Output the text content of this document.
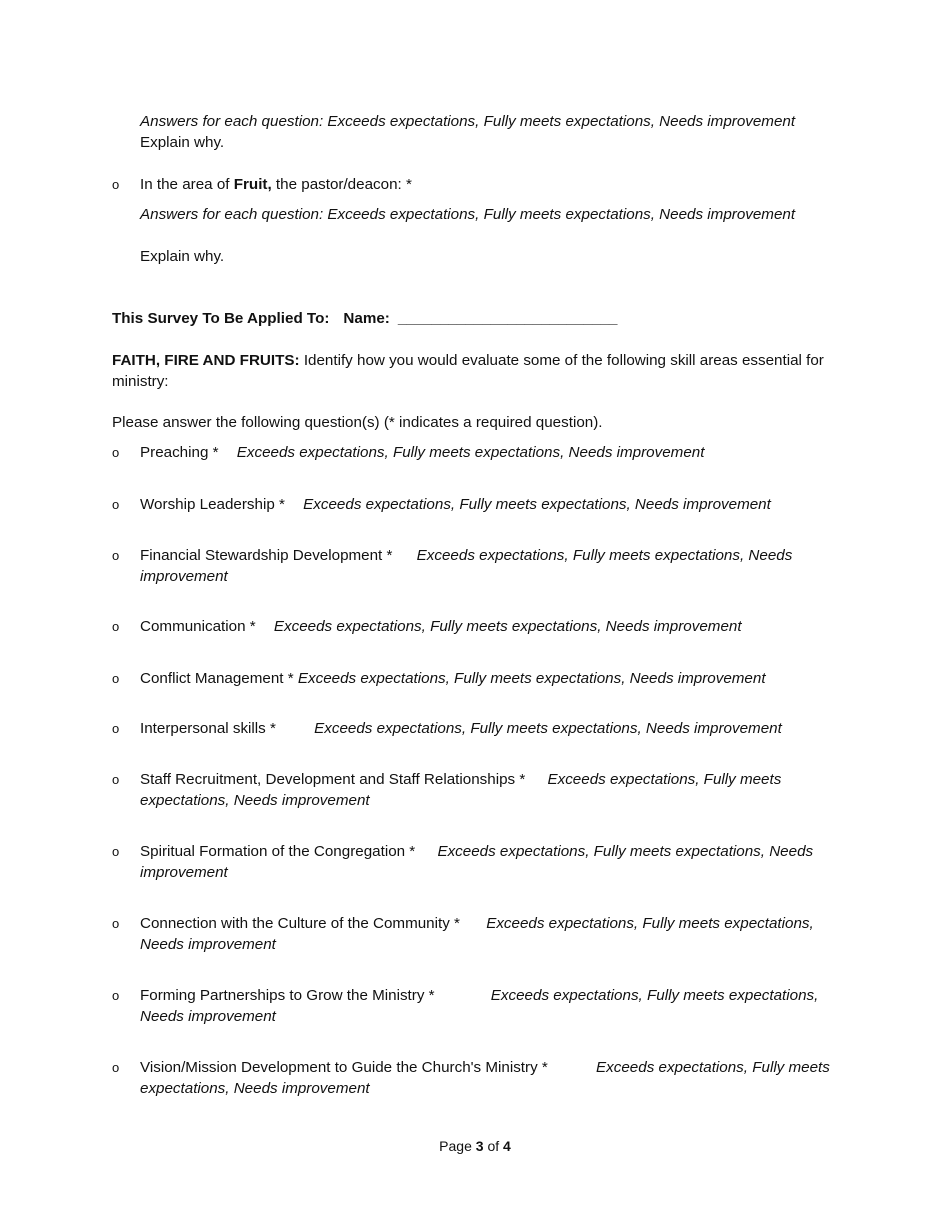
Answers for each question: Exceeds expectations, Fully meets expectations, Needs improvement
Explain why.
o In the area of Fruit, the pastor/deacon: *
Answers for each question: Exceeds expectations, Fully meets expectations, Needs improvement
Explain why.
This Survey To Be Applied To: Name: __________________________
FAITH, FIRE AND FRUITS: Identify how you would evaluate some of the following skill areas essential for ministry:
Please answer the following question(s) (* indicates a required question).
o Preaching * Exceeds expectations, Fully meets expectations, Needs improvement
o Worship Leadership * Exceeds expectations, Fully meets expectations, Needs improvement
o Financial Stewardship Development * Exceeds expectations, Fully meets expectations, Needs improvement
o Communication * Exceeds expectations, Fully meets expectations, Needs improvement
o Conflict Management * Exceeds expectations, Fully meets expectations, Needs improvement
o Interpersonal skills *	Exceeds expectations, Fully meets expectations, Needs improvement
o Staff Recruitment, Development and Staff Relationships * Exceeds expectations, Fully meets expectations, Needs improvement
o Spiritual Formation of the Congregation * Exceeds expectations, Fully meets expectations, Needs improvement
o Connection with the Culture of the Community * Exceeds expectations, Fully meets expectations, Needs improvement
o Forming Partnerships to Grow the Ministry *	Exceeds expectations, Fully meets expectations, Needs improvement
o Vision/Mission Development to Guide the Church's Ministry *	Exceeds expectations, Fully meets expectations, Needs improvement
Page 3 of 4
